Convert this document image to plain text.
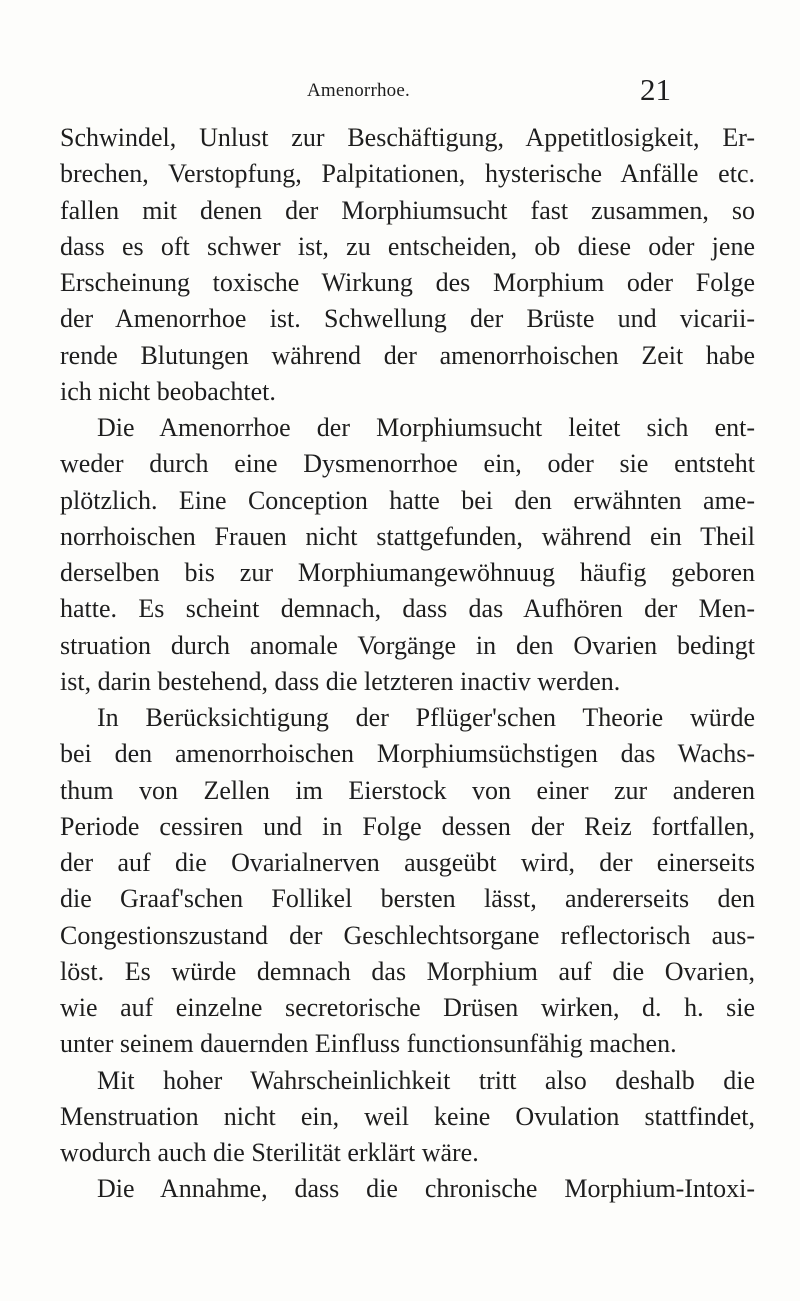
Amenorrhoe.	21
Schwindel, Unlust zur Beschäftigung, Appetitlosigkeit, Er-
brechen, Verstopfung, Palpitationen, hysterische Anfälle etc.
fallen mit denen der Morphiumsucht fast zusammen, so
dass es oft schwer ist, zu entscheiden, ob diese oder jene
Erscheinung toxische Wirkung des Morphium oder Folge
der Amenorrhoe ist. Schwellung der Brüste und vicarii-
rende Blutungen während der amenorrhoischen Zeit habe
ich nicht beobachtet.
Die Amenorrhoe der Morphiumsucht leitet sich ent-
weder durch eine Dysmenorrhoe ein, oder sie entsteht
plötzlich. Eine Conception hatte bei den erwähnten ame-
norrhoischen Frauen nicht stattgefunden, während ein Theil
derselben bis zur Morphiumangewöhnuug häufig geboren
hatte. Es scheint demnach, dass das Aufhören der Men-
struation durch anomale Vorgänge in den Ovarien bedingt
ist, darin bestehend, dass die letzteren inactiv werden.
In Berücksichtigung der Pflüger'schen Theorie würde
bei den amenorrhoischen Morphiumsüchstigen das Wachs-
thum von Zellen im Eierstock von einer zur anderen
Periode cessiren und in Folge dessen der Reiz fortfallen,
der auf die Ovarialnerven ausgeübt wird, der einerseits
die Graaf'schen Follikel bersten lässt, andererseits den
Congestionszustand der Geschlechtsorgane reflectorisch aus-
löst. Es würde demnach das Morphium auf die Ovarien,
wie auf einzelne secretorische Drüsen wirken, d. h. sie
unter seinem dauernden Einfluss functionsunfähig machen.
Mit hoher Wahrscheinlichkeit tritt also deshalb die
Menstruation nicht ein, weil keine Ovulation stattfindet,
wodurch auch die Sterilität erklärt wäre.
Die Annahme, dass die chronische Morphium-Intoxi-
